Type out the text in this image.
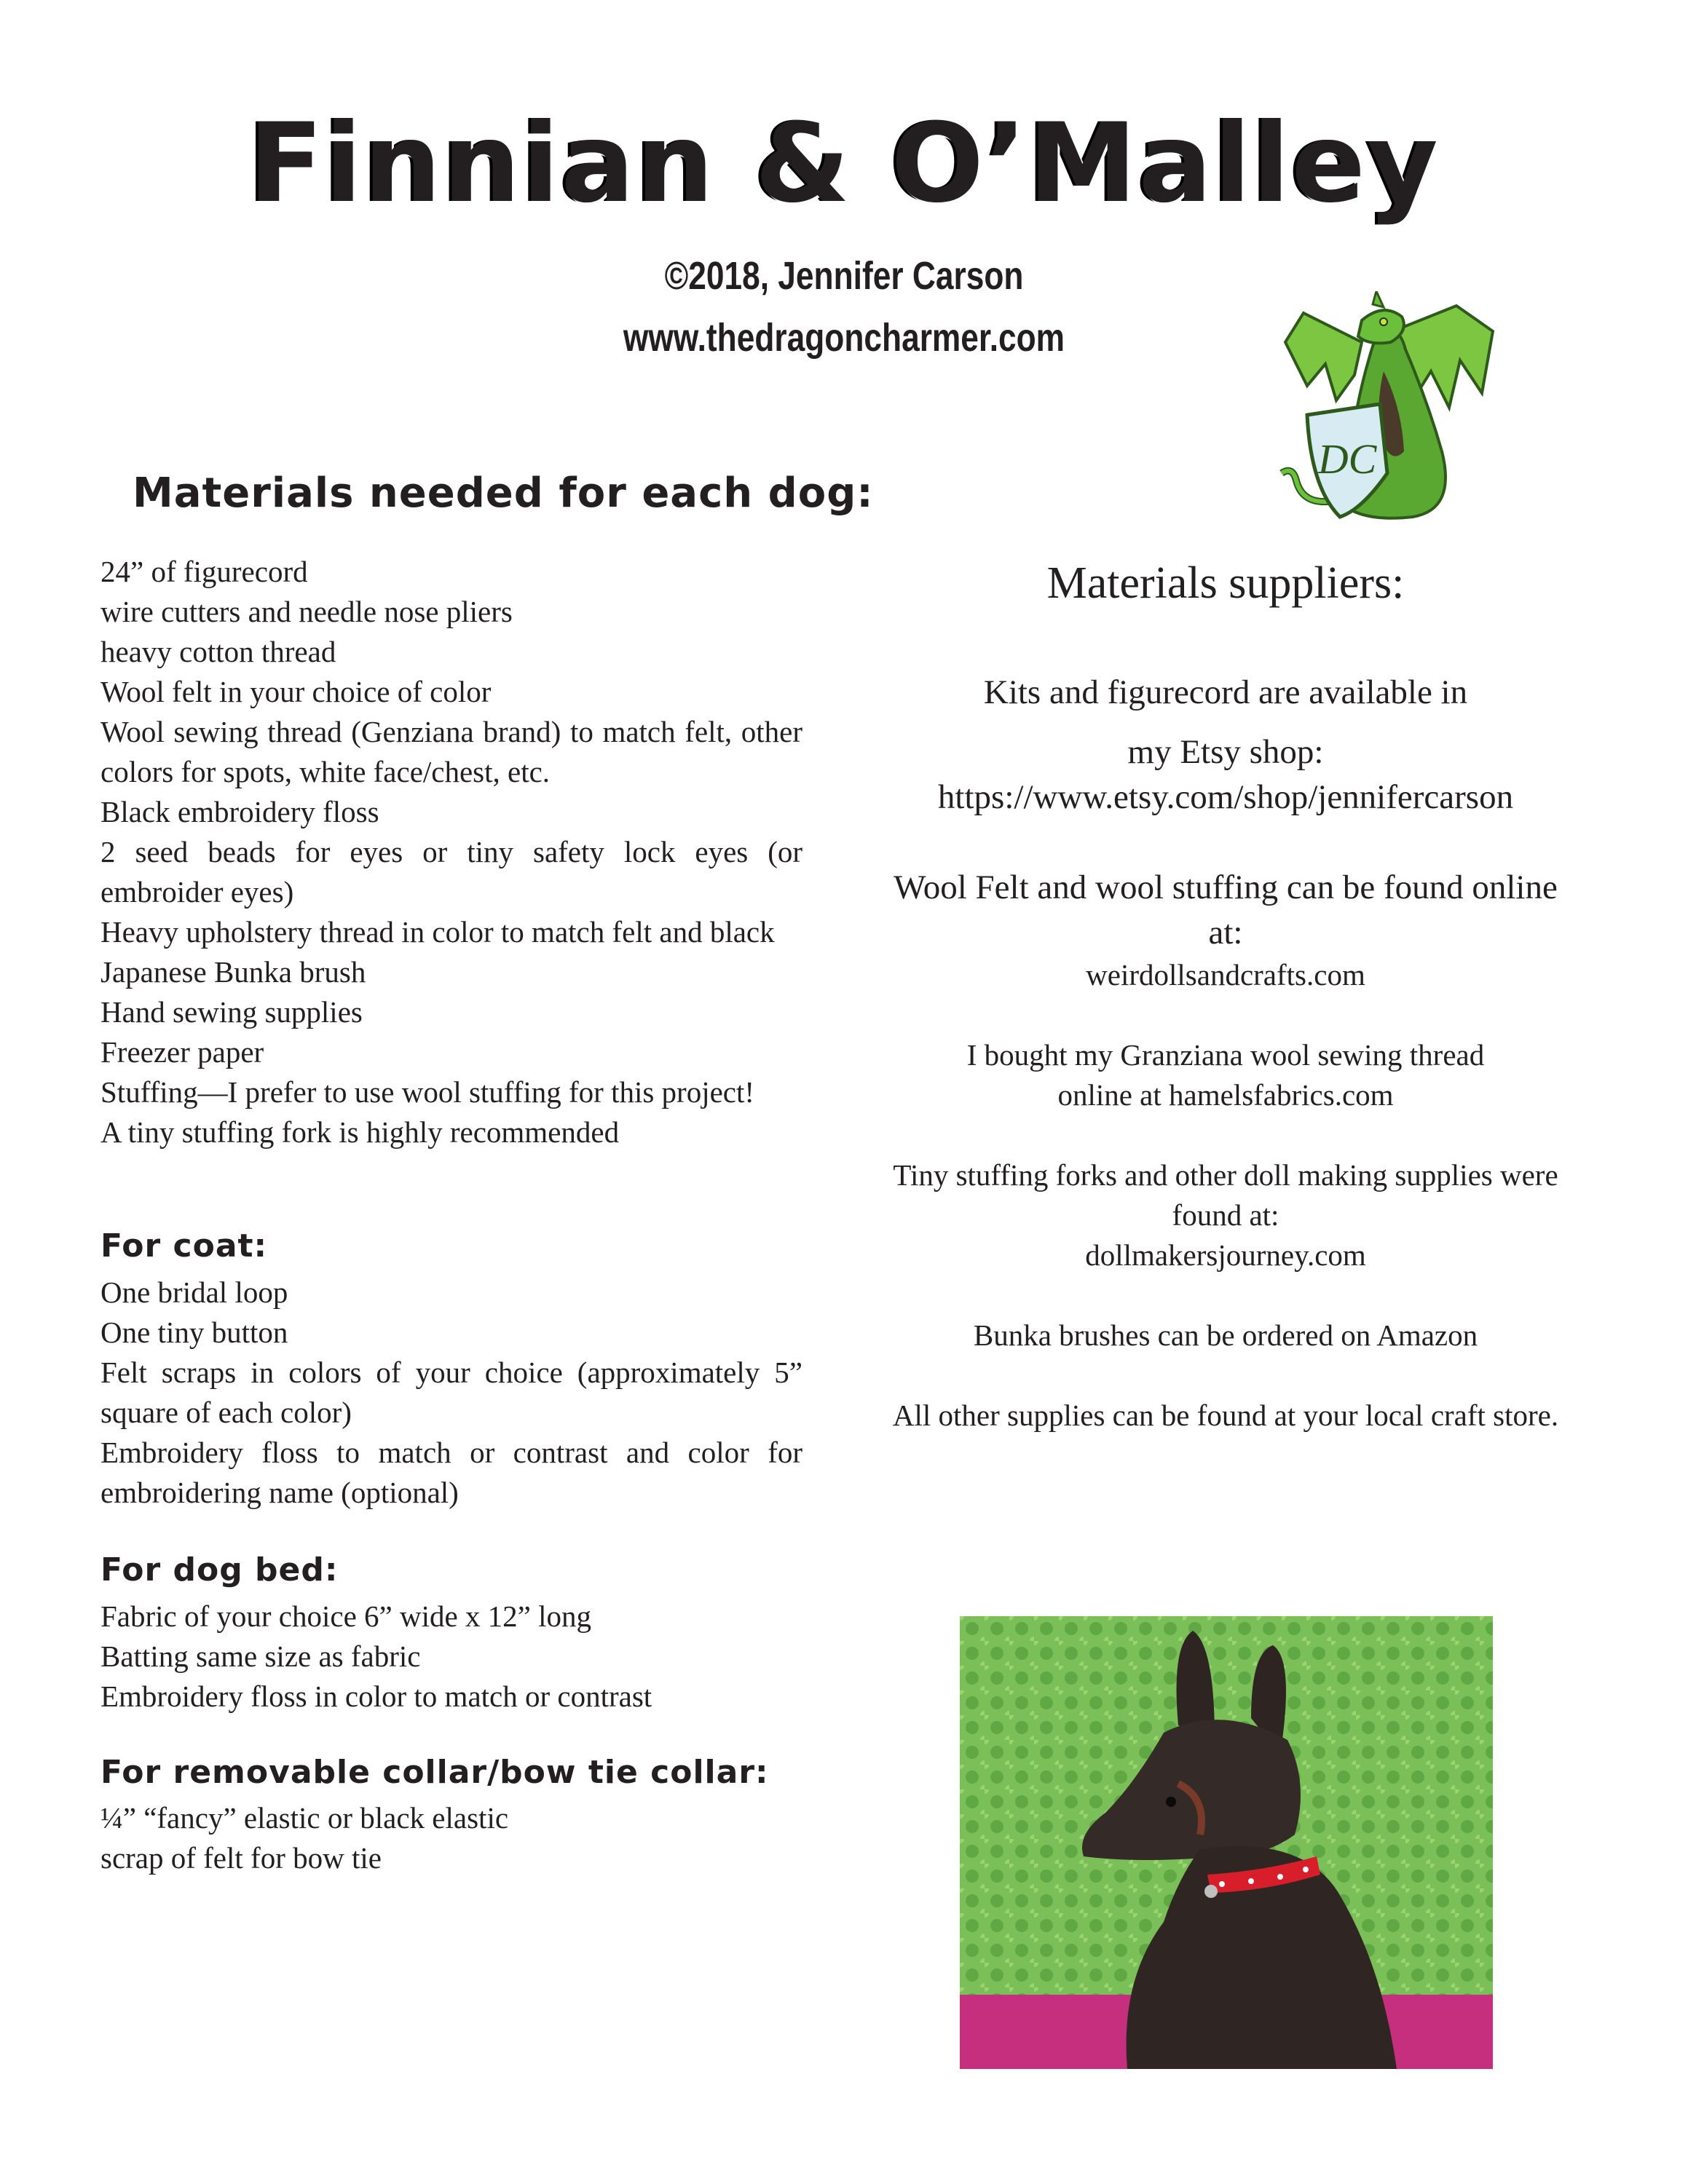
Finnian & O’Malley
©2018, Jennifer Carson
www.thedragoncharmer.com
DC
Materials needed for each dog:
24” of figurecord
wire cutters and needle nose pliers
heavy cotton thread
Wool felt in your choice of color
Wool sewing thread (Genziana brand) to match felt, other colors for spots, white face/chest, etc.
Black embroidery floss
2 seed beads for eyes or tiny safety lock eyes (or embroider eyes)
Heavy upholstery thread in color to match felt and black
Japanese Bunka brush
Hand sewing supplies
Freezer paper
Stuffing—I prefer to use wool stuffing for this project!
A tiny stuffing fork is highly recommended
For coat:
One bridal loop
One tiny button
Felt scraps in colors of your choice (approximately 5” square of each color)
Embroidery floss to match or contrast and color for embroidering name (optional)
For dog bed:
Fabric of your choice 6” wide x 12” long
Batting same size as fabric
Embroidery floss in color to match or contrast
For removable collar/bow tie collar:
¼” “fancy” elastic or black elastic
scrap of felt for bow tie
Materials suppliers:
Kits and figurecord are available in
my Etsy shop:
https://www.etsy.com/shop/jennifercarson
Wool Felt and wool stuffing can be found online
at:
weirdollsandcrafts.com
I bought my Granziana wool sewing thread
online at hamelsfabrics.com
Tiny stuffing forks and other doll making supplies were
found at:
dollmakersjourney.com
Bunka brushes can be ordered on Amazon
All other supplies can be found at your local craft store.
